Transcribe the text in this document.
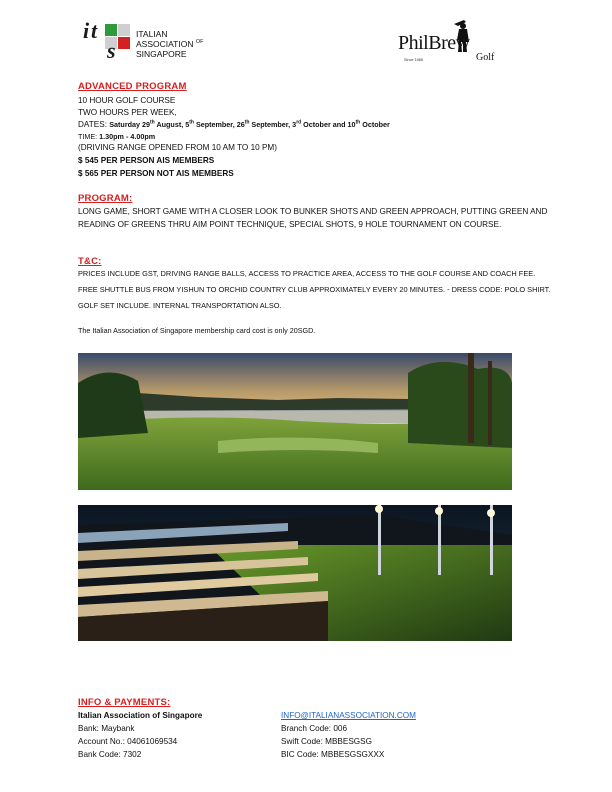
i t
s
ITALIAN
ASSOCIATION $^{OF}$
SINGAPORE	PhilBrew
Golf
Since 1985
ADVANCED PROGRAM
10 HOUR GOLF COURSE
TWO HOURS PER WEEK,
DATES: Saturday 29th August, 5th September, 26th September, 3rd October and 10th October
TIME: 1.30pm - 4.00pm
(DRIVING RANGE OPENED FROM 10 AM TO 10 PM)
$ 545 PER PERSON AIS MEMBERS
$ 565 PER PERSON NOT AIS MEMBERS
PROGRAM:
LONG GAME, SHORT GAME WITH A CLOSER LOOK TO BUNKER SHOTS AND GREEN APPROACH, PUTTING GREEN AND READING OF GREENS THRU AIM POINT TECHNIQUE, SPECIAL SHOTS, 9 HOLE TOURNAMENT ON COURSE.
T&C:
PRICES INCLUDE GST, DRIVING RANGE BALLS, ACCESS TO PRACTICE AREA, ACCESS TO THE GOLF COURSE AND COACH FEE. FREE SHUTTLE BUS FROM YISHUN TO ORCHID COUNTRY CLUB APPROXIMATELY EVERY 20 MINUTES. - DRESS CODE: POLO SHIRT. GOLF SET INCLUDE. INTERNAL TRANSPORTATION ALSO.
The Italian Association of Singapore membership card cost is only 20SGD.
INFO & PAYMENTS:
Italian Association of Singapore
Bank: Maybank
Account No.: 04061069534
Bank Code: 7302
INFO@ITALIANASSOCIATION.COM
Branch Code: 006
Swift Code: MBBESGSG
BIC Code: MBBESGSGXXX
